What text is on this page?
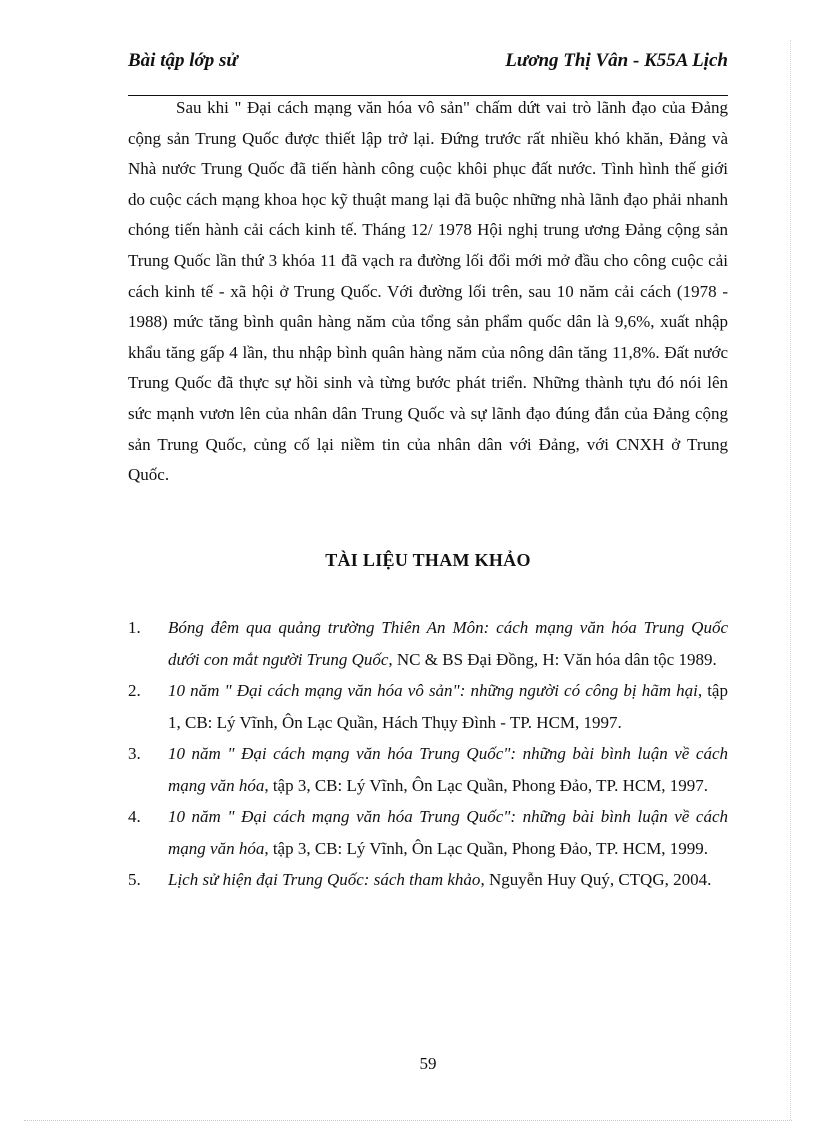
Bài tập lớp sử	Lương Thị Vân - K55A Lịch

Sau khi " Đại cách mạng văn hóa vô sản" chấm dứt vai trò lãnh đạo của Đảng cộng sản Trung Quốc được thiết lập trở lại. Đứng trước rất nhiều khó khăn, Đảng và Nhà nước Trung Quốc đã tiến hành công cuộc khôi phục đất nước. Tình hình thế giới do cuộc cách mạng khoa học kỹ thuật mang lại đã buộc những nhà lãnh đạo phải nhanh chóng tiến hành cải cách kinh tế. Tháng 12/ 1978 Hội nghị trung ương Đảng cộng sản Trung Quốc lần thứ 3 khóa 11 đã vạch ra đường lối đổi mới mở đầu cho công cuộc cải cách kinh tế - xã hội ở Trung Quốc. Với đường lối trên, sau 10 năm cải cách (1978 - 1988) mức tăng bình quân hàng năm của tổng sản phẩm quốc dân là 9,6%, xuất nhập khẩu tăng gấp 4 lần, thu nhập bình quân hàng năm của nông dân tăng 11,8%. Đất nước Trung Quốc đã thực sự hồi sinh và từng bước phát triển. Những thành tựu đó nói lên sức mạnh vươn lên của nhân dân Trung Quốc và sự lãnh đạo đúng đắn của Đảng cộng sản Trung Quốc, củng cố lại niềm tin của nhân dân với Đảng, với CNXH ở Trung Quốc.

TÀI LIỆU THAM KHẢO
1. Bóng đêm qua quảng trường Thiên An Môn: cách mạng văn hóa Trung Quốc dưới con mắt người Trung Quốc, NC & BS Đại Đồng, H: Văn hóa dân tộc 1989.
2. 10 năm " Đại cách mạng văn hóa vô sản": những người có công bị hãm hại, tập 1, CB: Lý Vĩnh, Ôn Lạc Quần, Hách Thụy Đình - TP. HCM, 1997.
3. 10 năm " Đại cách mạng văn hóa Trung Quốc": những bài bình luận về cách mạng văn hóa, tập 3, CB: Lý Vĩnh, Ôn Lạc Quần, Phong Đảo, TP. HCM, 1997.
4. 10 năm " Đại cách mạng văn hóa Trung Quốc": những bài bình luận về cách mạng văn hóa, tập 3, CB: Lý Vĩnh, Ôn Lạc Quần, Phong Đảo, TP. HCM, 1999.
5. Lịch sử hiện đại Trung Quốc: sách tham khảo, Nguyễn Huy Quý, CTQG, 2004.
59
